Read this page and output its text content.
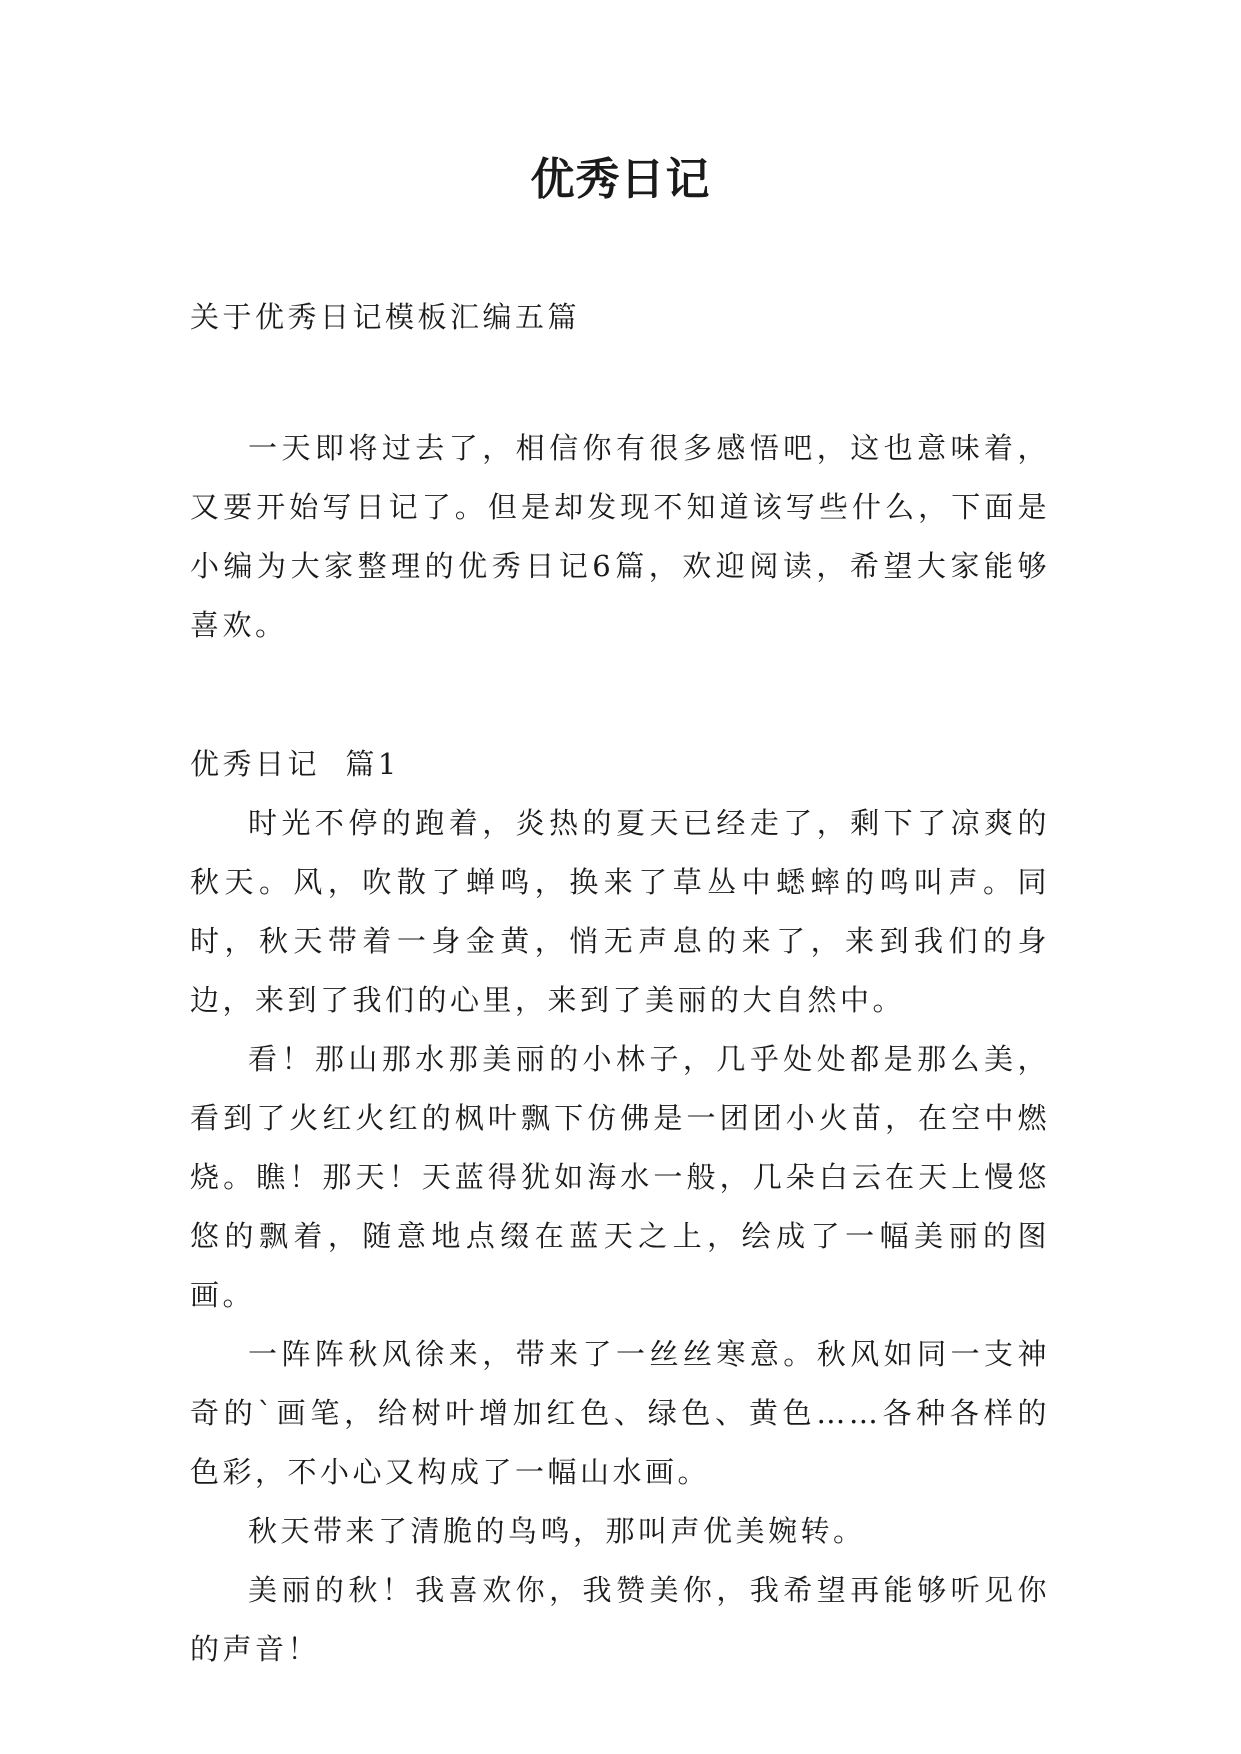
优秀日记

关于优秀日记模板汇编五篇

一天即将过去了，相信你有很多感悟吧，这也意味着，又要开始写日记了。但是却发现不知道该写些什么，下面是小编为大家整理的优秀日记6篇，欢迎阅读，希望大家能够喜欢。

优秀日记  篇1

时光不停的跑着，炎热的夏天已经走了，剩下了凉爽的秋天。风，吹散了蝉鸣，换来了草丛中蟋蟀的鸣叫声。同时，秋天带着一身金黄，悄无声息的来了，来到我们的身边，来到了我们的心里，来到了美丽的大自然中。

看！那山那水那美丽的小林子，几乎处处都是那么美，看到了火红火红的枫叶飘下仿佛是一团团小火苗，在空中燃烧。瞧！那天！天蓝得犹如海水一般，几朵白云在天上慢悠悠的飘着，随意地点缀在蓝天之上，绘成了一幅美丽的图画。

一阵阵秋风徐来，带来了一丝丝寒意。秋风如同一支神奇的`画笔，给树叶增加红色、绿色、黄色……各种各样的色彩，不小心又构成了一幅山水画。

秋天带来了清脆的鸟鸣，那叫声优美婉转。

美丽的秋！我喜欢你，我赞美你，我希望再能够听见你的声音！
